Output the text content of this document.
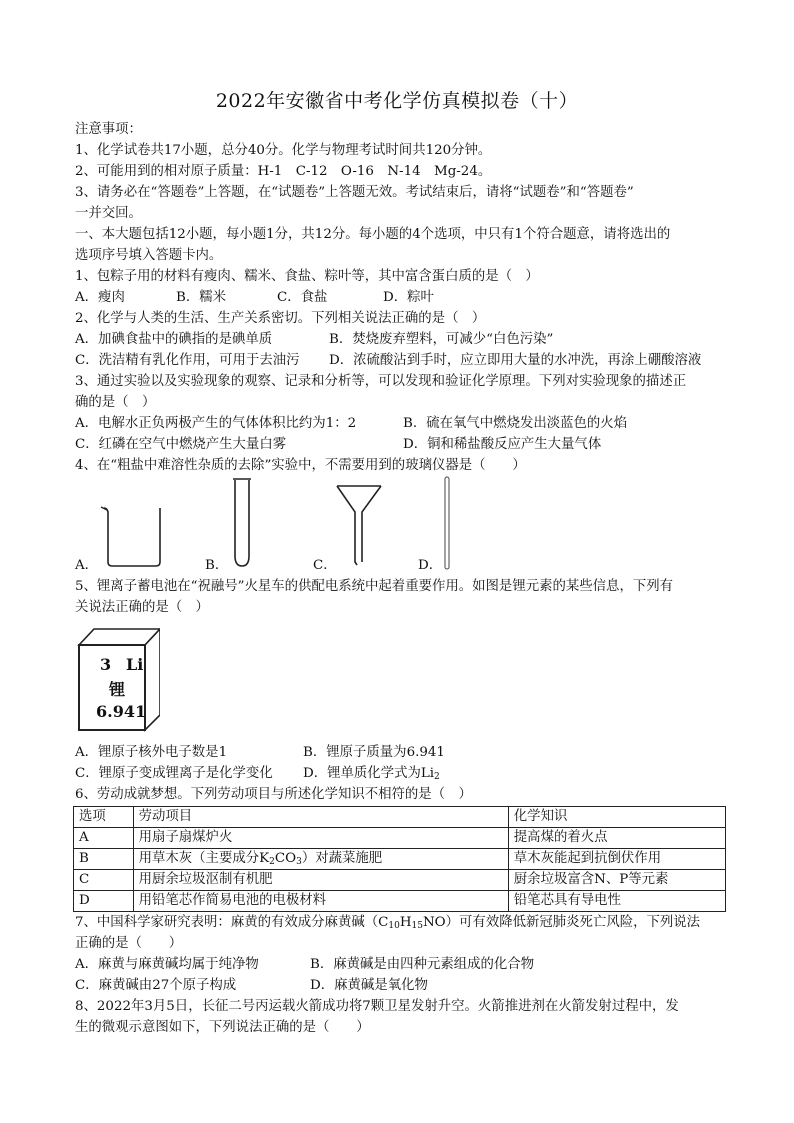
2022年安徽省中考化学仿真模拟卷（十）
注意事项：
1、化学试卷共17小题，总分40分。化学与物理考试时间共120分钟。
2、可能用到的相对原子质量：H-1　C-12　O-16　N-14　Mg-24。
3、请务必在“答题卷”上答题，在“试题卷”上答题无效。考试结束后，请将“试题卷”和“答题卷”
一并交回。
一、本大题包括12小题，每小题1分，共12分。每小题的4个选项，中只有1个符合题意，请将选出的
选项序号填入答题卡内。
1、包粽子用的材料有瘦肉、糯米、食盐、粽叶等，其中富含蛋白质的是（　）
A．瘦肉	B．糯米	C．食盐	D．粽叶
2、化学与人类的生活、生产关系密切。下列相关说法正确的是（　）
A．加碘食盐中的碘指的是碘单质	B．焚烧废弃塑料，可减少“白色污染”
C．洗洁精有乳化作用，可用于去油污 D．浓硫酸沾到手时，应立即用大量的水冲洗，再涂上硼酸溶液
3、通过实验以及实验现象的观察、记录和分析等，可以发现和验证化学原理。下列对实验现象的描述正
确的是（　）
A．电解水正负两极产生的气体体积比约为1：2	B．硫在氧气中燃烧发出淡蓝色的火焰
C．红磷在空气中燃烧产生大量白雾	D．铜和稀盐酸反应产生大量气体
4、在“粗盐中难溶性杂质的去除”实验中，不需要用到的玻璃仪器是（　　）
A．	B．	C．	D．
5、锂离子蓄电池在“祝融号”火星车的供配电系统中起着重要作用。如图是锂元素的某些信息，下列有
关说法正确的是（　）
3 Li
锂
6.941
A．锂原子核外电子数是1	B．锂原子质量为6.941
C．锂原子变成锂离子是化学变化 D．锂单质化学式为$Li_2$
6、劳动成就梦想。下列劳动项目与所述化学知识不相符的是（　）
选项	劳动项目	化学知识
A	用扇子扇煤炉火	提高煤的着火点
B	用草木灰（主要成分$K_2CO_3$）对蔬菜施肥	草木灰能起到抗倒伏作用
C	用厨余垃圾沤制有机肥	厨余垃圾富含N、P等元素
D	用铅笔芯作简易电池的电极材料	铅笔芯具有导电性
7、中国科学家研究表明：麻黄的有效成分麻黄碱$(C_{10}H_{15}NO)$可有效降低新冠肺炎死亡风险，下列说法
正确的是（　　）
A．麻黄与麻黄碱均属于纯净物	B．麻黄碱是由四种元素组成的化合物
C．麻黄碱由27个原子构成	D．麻黄碱是氧化物
8、2022年3月5日，长征二号丙运载火箭成功将7颗卫星发射升空。火箭推进剂在火箭发射过程中，发
生的微观示意图如下，下列说法正确的是（　　）
